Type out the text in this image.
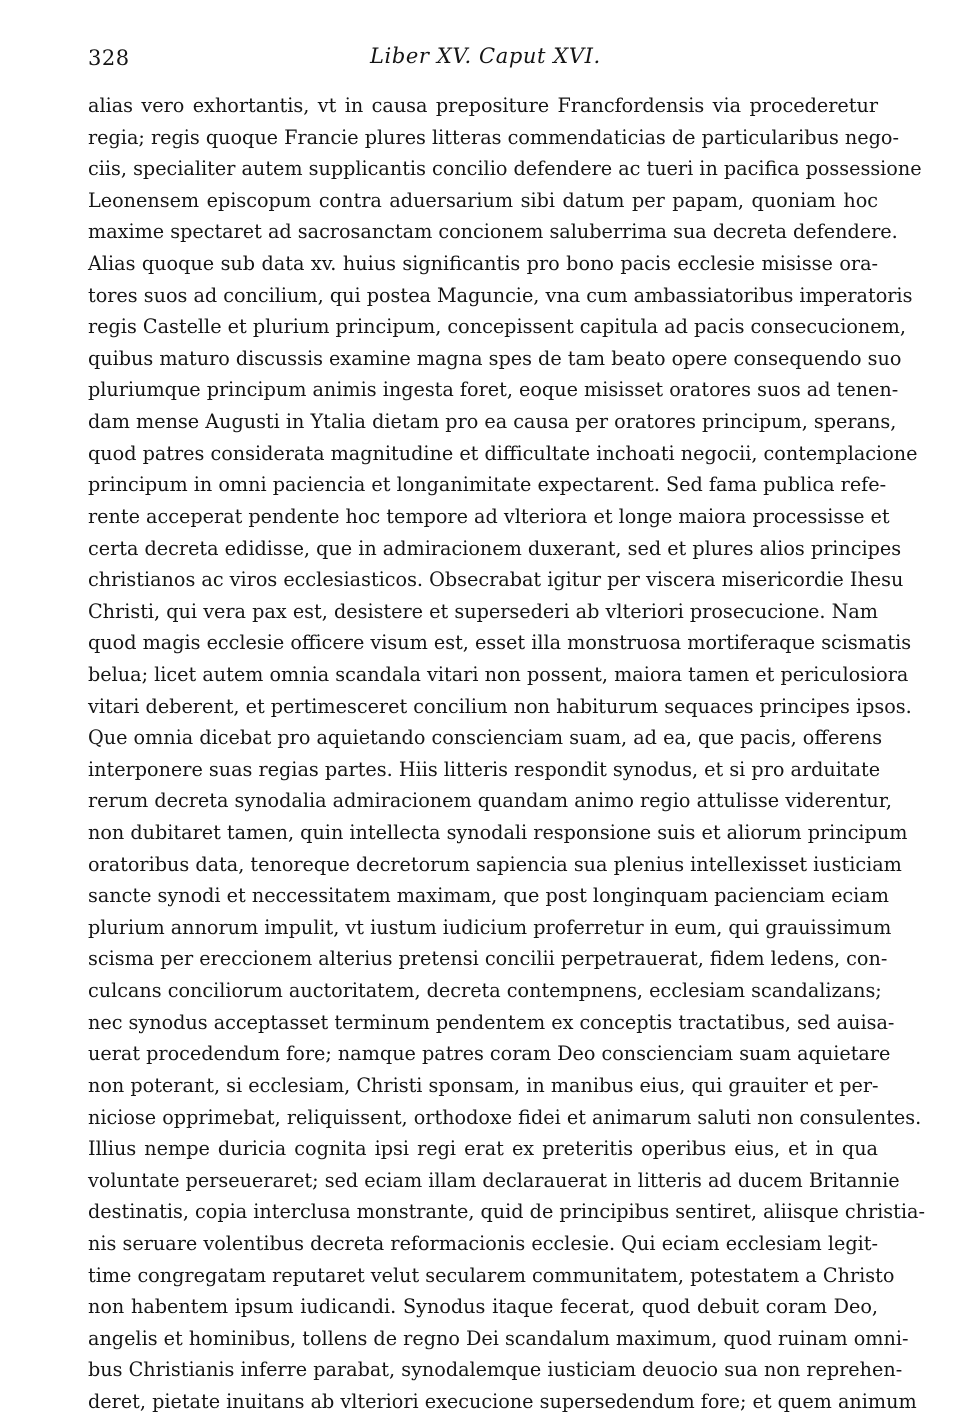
328	Liber XV. Caput XVI.
alias vero exhortantis, vt in causa prepositure Francfordensis via procederetur
regia; regis quoque Francie plures litteras commendaticias de particularibus nego-
ciis, specialiter autem supplicantis concilio defendere ac tueri in pacifica possessione
Leonensem episcopum contra aduersarium sibi datum per papam, quoniam hoc
maxime spectaret ad sacrosanctam concionem saluberrima sua decreta defendere.
Alias quoque sub data xv. huius significantis pro bono pacis ecclesie misisse ora-
tores suos ad concilium, qui postea Maguncie, vna cum ambassiatoribus imperatoris
regis Castelle et plurium principum, concepissent capitula ad pacis consecucionem,
quibus maturo discussis examine magna spes de tam beato opere consequendo suo
pluriumque principum animis ingesta foret, eoque misisset oratores suos ad tenen-
dam mense Augusti in Ytalia dietam pro ea causa per oratores principum, sperans,
quod patres considerata magnitudine et difficultate inchoati negocii, contemplacione
principum in omni paciencia et longanimitate expectarent. Sed fama publica refe-
rente acceperat pendente hoc tempore ad vlteriora et longe maiora processisse et
certa decreta edidisse, que in admiracionem duxerant, sed et plures alios principes
christianos ac viros ecclesiasticos. Obsecrabat igitur per viscera misericordie Ihesu
Christi, qui vera pax est, desistere et supersederi ab vlteriori prosecucione. Nam
quod magis ecclesie officere visum est, esset illa monstruosa mortiferaque scismatis
belua; licet autem omnia scandala vitari non possent, maiora tamen et periculosiora
vitari deberent, et pertimesceret concilium non habiturum sequaces principes ipsos.
Que omnia dicebat pro aquietando conscienciam suam, ad ea, que pacis, offerens
interponere suas regias partes. Hiis litteris respondit synodus, et si pro arduitate
rerum decreta synodalia admiracionem quandam animo regio attulisse viderentur,
non dubitaret tamen, quin intellecta synodali responsione suis et aliorum principum
oratoribus data, tenoreque decretorum sapiencia sua plenius intellexisset iusticiam
sancte synodi et neccessitatem maximam, que post longinquam pacienciam eciam
plurium annorum impulit, vt iustum iudicium proferretur in eum, qui grauissimum
scisma per ereccionem alterius pretensi concilii perpetrauerat, fidem ledens, con-
culcans conciliorum auctoritatem, decreta contempnens, ecclesiam scandalizans;
nec synodus acceptasset terminum pendentem ex conceptis tractatibus, sed auisa-
uerat procedendum fore; namque patres coram Deo conscienciam suam aquietare
non poterant, si ecclesiam, Christi sponsam, in manibus eius, qui grauiter et per-
niciose opprimebat, reliquissent, orthodoxe fidei et animarum saluti non consulentes.
Illius nempe duricia cognita ipsi regi erat ex preteritis operibus eius, et in qua
voluntate perseueraret; sed eciam illam declarauerat in litteris ad ducem Britannie
destinatis, copia interclusa monstrante, quid de principibus sentiret, aliisque christia-
nis seruare volentibus decreta reformacionis ecclesie. Qui eciam ecclesiam legit-
time congregatam reputaret velut secularem communitatem, potestatem a Christo
non habentem ipsum iudicandi. Synodus itaque fecerat, quod debuit coram Deo,
angelis et hominibus, tollens de regno Dei scandalum maximum, quod ruinam omni-
bus Christianis inferre parabat, synodalemque iusticiam deuocio sua non reprehen-
deret, pietate inuitans ab vlteriori execucione supersedendum fore; et quem animum
